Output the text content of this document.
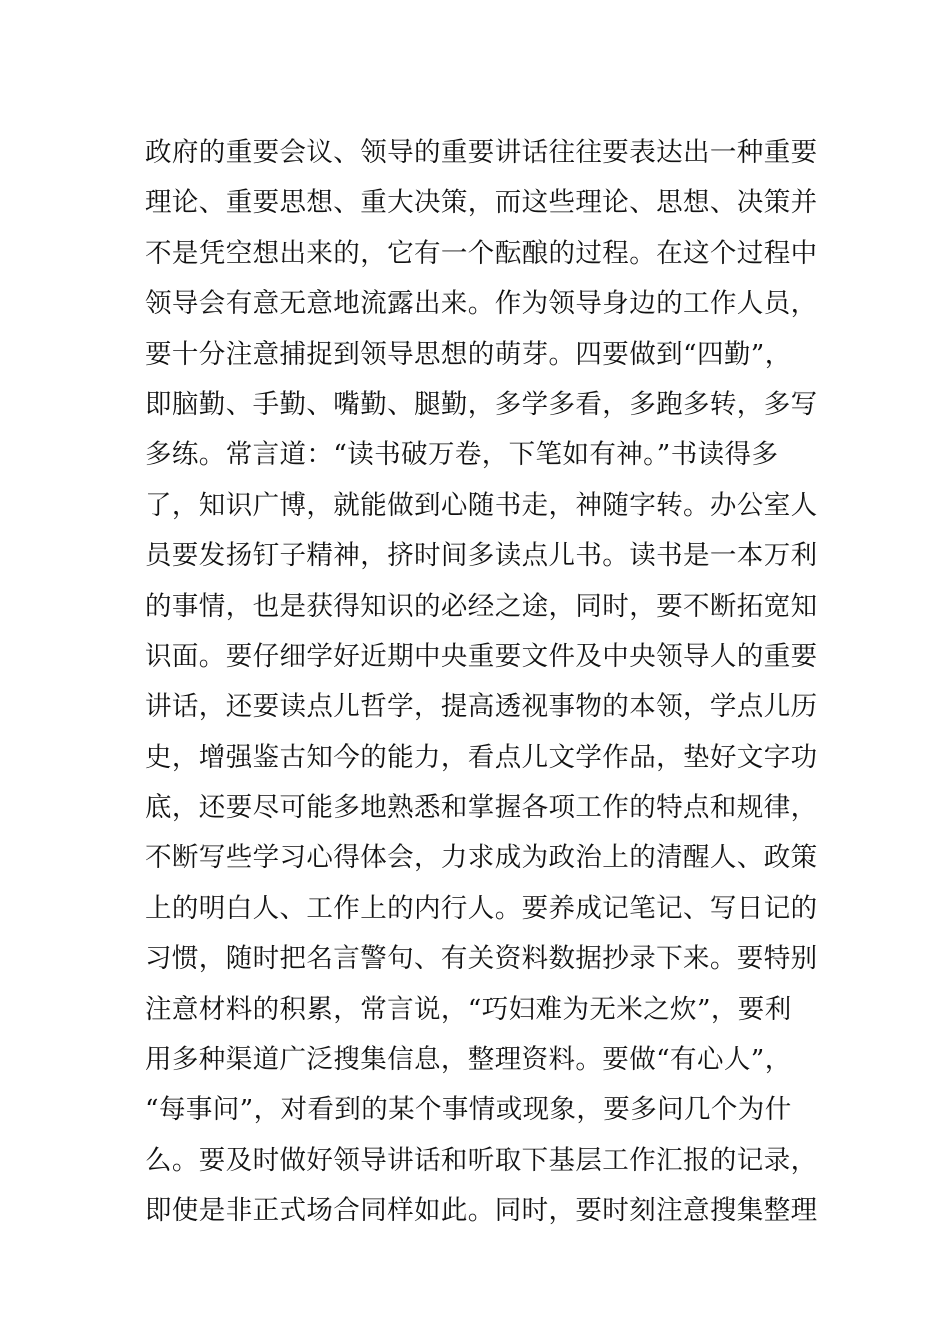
政府的重要会议、领导的重要讲话往往要表达出一种重要
理论、重要思想、重大决策，而这些理论、思想、决策并
不是凭空想出来的，它有一个酝酿的过程。在这个过程中
领导会有意无意地流露出来。作为领导身边的工作人员，
要十分注意捕捉到领导思想的萌芽。四要做到“四勤”，
即脑勤、手勤、嘴勤、腿勤，多学多看，多跑多转，多写
多练。常言道：“读书破万卷，下笔如有神。”书读得多
了，知识广博，就能做到心随书走，神随字转。办公室人
员要发扬钉子精神，挤时间多读点儿书。读书是一本万利
的事情，也是获得知识的必经之途，同时，要不断拓宽知
识面。要仔细学好近期中央重要文件及中央领导人的重要
讲话，还要读点儿哲学，提高透视事物的本领，学点儿历
史，增强鉴古知今的能力，看点儿文学作品，垫好文字功
底，还要尽可能多地熟悉和掌握各项工作的特点和规律，
不断写些学习心得体会，力求成为政治上的清醒人、政策
上的明白人、工作上的内行人。要养成记笔记、写日记的
习惯，随时把名言警句、有关资料数据抄录下来。要特别
注意材料的积累，常言说，“巧妇难为无米之炊”，要利
用多种渠道广泛搜集信息，整理资料。要做“有心人”，
“每事问”，对看到的某个事情或现象，要多问几个为什
么。要及时做好领导讲话和听取下基层工作汇报的记录，
即使是非正式场合同样如此。同时，要时刻注意搜集整理
